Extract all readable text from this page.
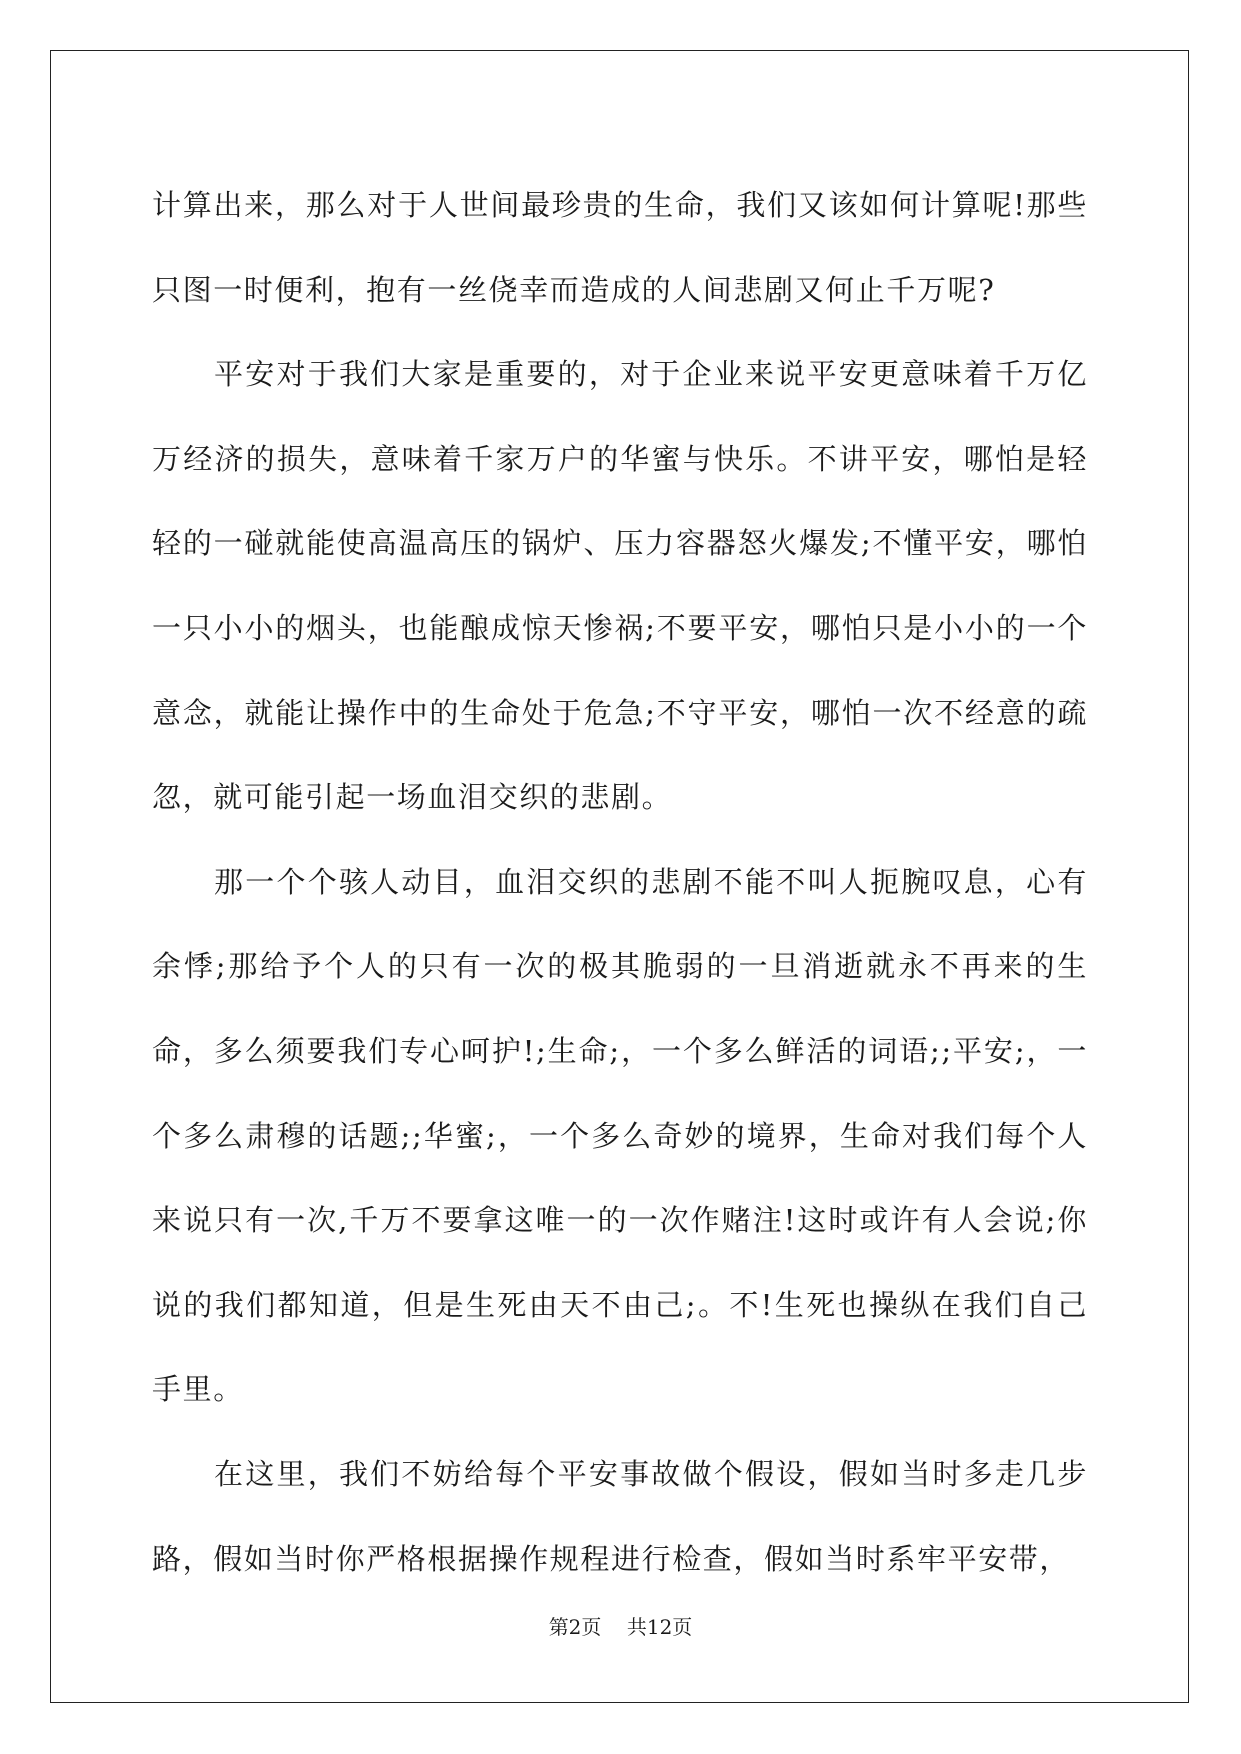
计算出来，那么对于人世间最珍贵的生命，我们又该如何计算呢!那些只图一时便利，抱有一丝侥幸而造成的人间悲剧又何止千万呢?

平安对于我们大家是重要的，对于企业来说平安更意味着千万亿万经济的损失，意味着千家万户的华蜜与快乐。不讲平安，哪怕是轻轻的一碰就能使高温高压的锅炉、压力容器怒火爆发;不懂平安，哪怕一只小小的烟头，也能酿成惊天惨祸;不要平安，哪怕只是小小的一个意念，就能让操作中的生命处于危急;不守平安，哪怕一次不经意的疏忽，就可能引起一场血泪交织的悲剧。

那一个个骇人动目，血泪交织的悲剧不能不叫人扼腕叹息，心有余悸;那给予个人的只有一次的极其脆弱的一旦消逝就永不再来的生命，多么须要我们专心呵护!;生命;，一个多么鲜活的词语;;平安;，一个多么肃穆的话题;;华蜜;，一个多么奇妙的境界，生命对我们每个人来说只有一次,千万不要拿这唯一的一次作赌注!这时或许有人会说;你说的我们都知道，但是生死由天不由己;。不!生死也操纵在我们自己手里。

在这里，我们不妨给每个平安事故做个假设，假如当时多走几步路，假如当时你严格根据操作规程进行检查，假如当时系牢平安带，

第2页 共12页
